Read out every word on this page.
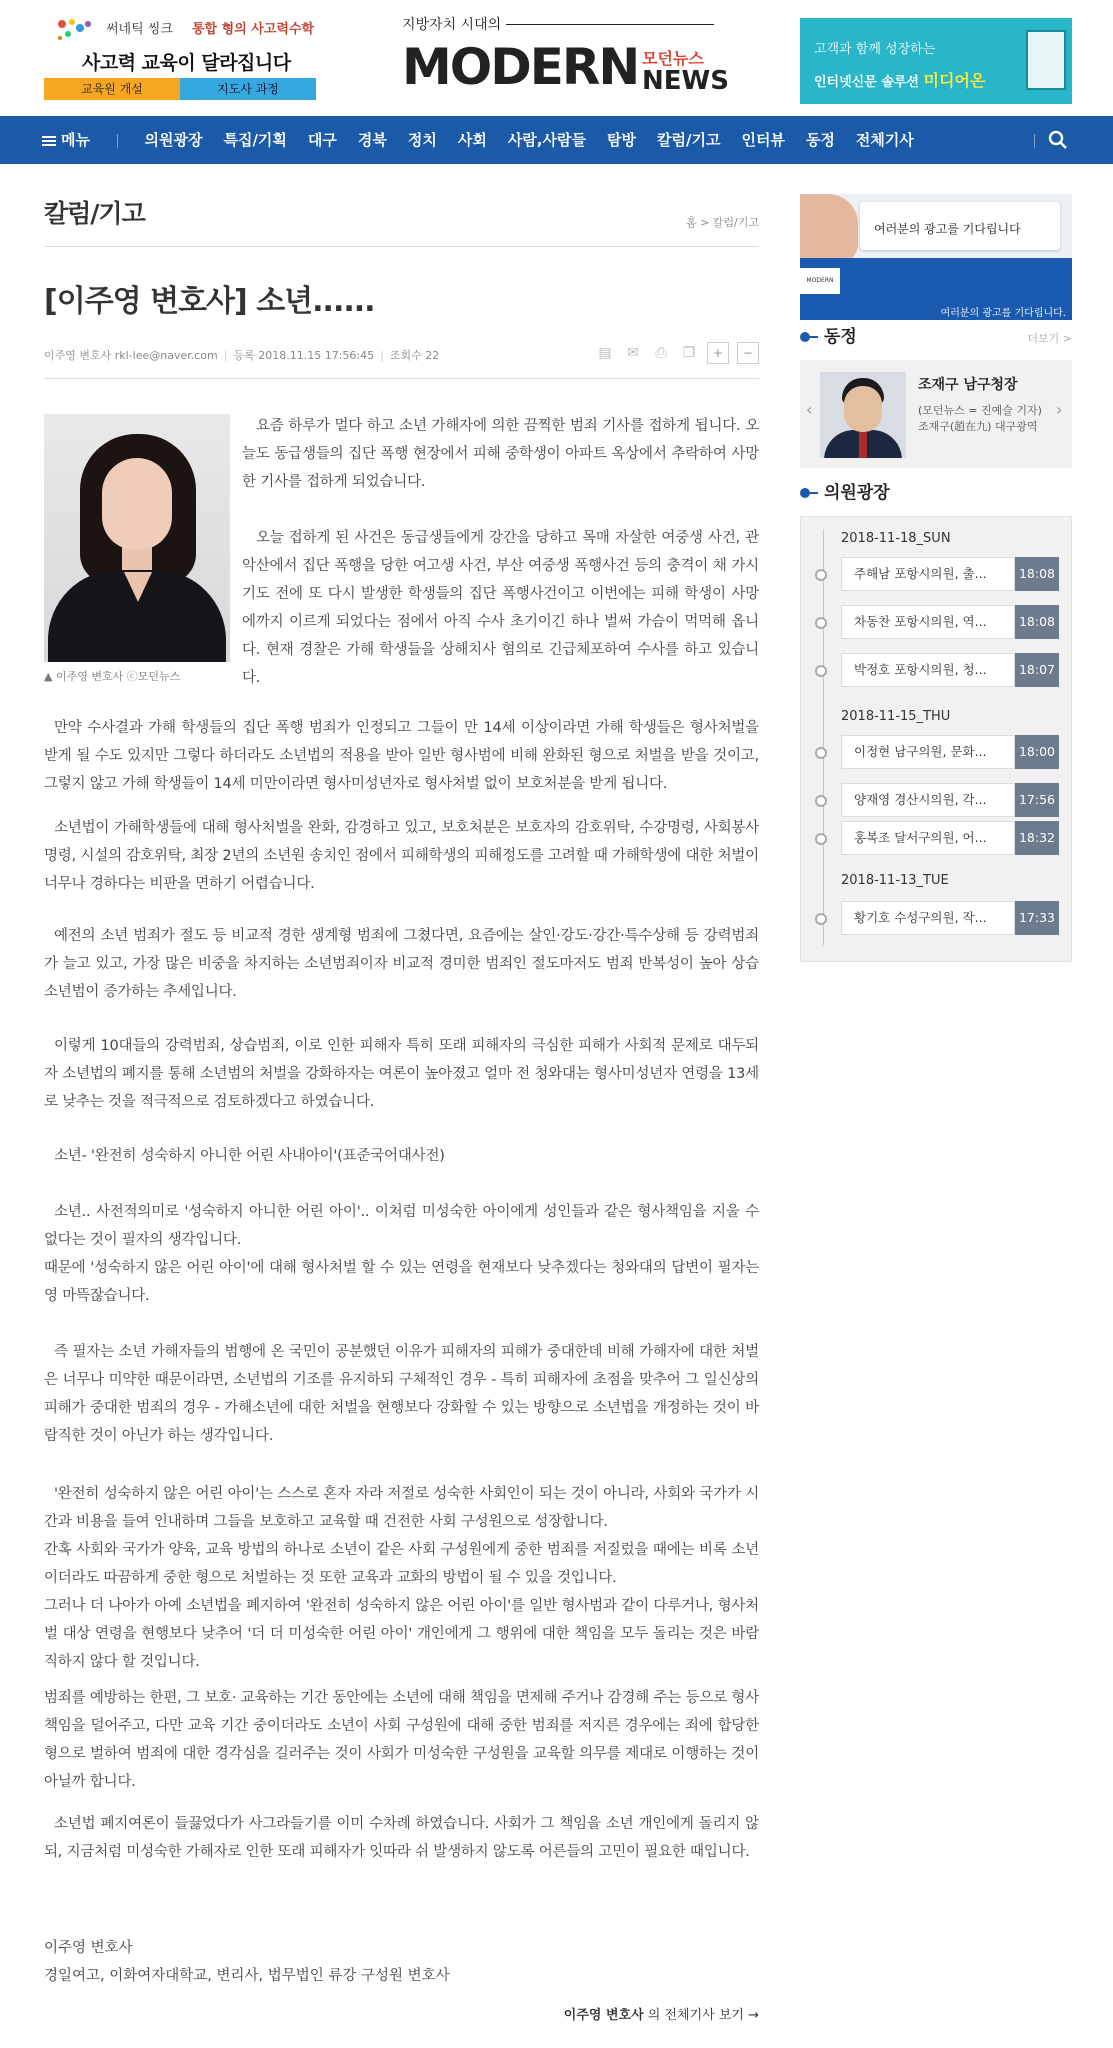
써네틱 씽크 통합 형의 사고력수학
사고력 교육이 달라집니다
교육원 개설	지도사 과정
지방자치 시대의
MODERN 모던뉴스
NEWS
고객과 함께 성장하는
인터넷신문 솔루션 미디어온
메뉴	의원광장	특집/기획	대구	경북	정치	사회	사람,사람들	탐방	칼럼/기고	인터뷰	동정	전체기사
칼럼/기고	홈 > 칼럼/기고
[이주영 변호사] 소년......
이주영 변호사 rkl-lee@naver.com | 등록 2018.11.15 17:56:45 | 조회수 22	▤ ✉	⎙	❐	+	−
▲ 이주영 변호사 ⓒ모던뉴스

요즘 하루가 멀다 하고 소년 가해자에 의한 끔찍한 범죄 기사를 접하게 됩니다. 오늘도 동급생들의 집단 폭행 현장에서 피해 중학생이 아파트 옥상에서 추락하여 사망한 기사를 접하게 되었습니다.

오늘 접하게 된 사건은 동급생들에게 강간을 당하고 목매 자살한 여중생 사건, 관악산에서 집단 폭행을 당한 여고생 사건, 부산 여중생 폭행사건 등의 충격이 채 가시기도 전에 또 다시 발생한 학생들의 집단 폭행사건이고 이번에는 피해 학생이 사망에까지 이르게 되었다는 점에서 아직 수사 초기이긴 하나 벌써 가슴이 먹먹해 옵니다. 현재 경찰은 가해 학생들을 상해치사 혐의로 긴급체포하여 수사를 하고 있습니다.

만약 수사결과 가해 학생들의 집단 폭행 범죄가 인정되고 그들이 만 14세 이상이라면 가해 학생들은 형사처벌을 받게 될 수도 있지만 그렇다 하더라도 소년법의 적용을 받아 일반 형사범에 비해 완화된 형으로 처벌을 받을 것이고, 그렇지 않고 가해 학생들이 14세 미만이라면 형사미성년자로 형사처벌 없이 보호처분을 받게 됩니다.

소년법이 가해학생들에 대해 형사처벌을 완화, 감경하고 있고, 보호처분은 보호자의 감호위탁, 수강명령, 사회봉사명령, 시설의 감호위탁, 최장 2년의 소년원 송치인 점에서 피해학생의 피해정도를 고려할 때 가해학생에 대한 처벌이 너무나 경하다는 비판을 면하기 어렵습니다.

예전의 소년 범죄가 절도 등 비교적 경한 생계형 범죄에 그쳤다면, 요즘에는 살인·강도·강간·특수상해 등 강력범죄가 늘고 있고, 가장 많은 비중을 차지하는 소년범죄이자 비교적 경미한 범죄인 절도마저도 범죄 반복성이 높아 상습소년범이 증가하는 추세입니다.

이렇게 10대들의 강력범죄, 상습범죄, 이로 인한 피해자 특히 또래 피해자의 극심한 피해가 사회적 문제로 대두되자 소년법의 폐지를 통해 소년범의 처벌을 강화하자는 여론이 높아졌고 얼마 전 청와대는 형사미성년자 연령을 13세로 낮추는 것을 적극적으로 검토하겠다고 하였습니다.

소년- '완전히 성숙하지 아니한 어린 사내아이'(표준국어대사전)

소년.. 사전적의미로 '성숙하지 아니한 어린 아이'.. 이처럼 미성숙한 아이에게 성인들과 같은 형사책임을 지울 수 없다는 것이 필자의 생각입니다.

때문에 '성숙하지 않은 어린 아이'에 대해 형사처벌 할 수 있는 연령을 현재보다 낮추겠다는 청와대의 답변이 필자는 영 마뜩잖습니다.

즉 필자는 소년 가해자들의 범행에 온 국민이 공분했던 이유가 피해자의 피해가 중대한데 비해 가해자에 대한 처벌은 너무나 미약한 때문이라면, 소년법의 기조를 유지하되 구체적인 경우 - 특히 피해자에 초점을 맞추어 그 일신상의 피해가 중대한 범죄의 경우 - 가해소년에 대한 처벌을 현행보다 강화할 수 있는 방향으로 소년법을 개정하는 것이 바람직한 것이 아닌가 하는 생각입니다.

'완전히 성숙하지 않은 어린 아이'는 스스로 혼자 자라 저절로 성숙한 사회인이 되는 것이 아니라, 사회와 국가가 시간과 비용을 들여 인내하며 그들을 보호하고 교육할 때 건전한 사회 구성원으로 성장합니다.

간혹 사회와 국가가 양육, 교육 방법의 하나로 소년이 같은 사회 구성원에게 중한 범죄를 저질렀을 때에는 비록 소년이더라도 따끔하게 중한 형으로 처벌하는 것 또한 교육과 교화의 방법이 될 수 있을 것입니다.

그러나 더 나아가 아예 소년법을 폐지하여 '완전히 성숙하지 않은 어린 아이'를 일반 형사범과 같이 다루거나, 형사처벌 대상 연령을 현행보다 낮추어 '더 더 미성숙한 어린 아이' 개인에게 그 행위에 대한 책임을 모두 돌리는 것은 바람직하지 않다 할 것입니다.

범죄를 예방하는 한편, 그 보호· 교육하는 기간 동안에는 소년에 대해 책임을 면제해 주거나 감경해 주는 등으로 형사 책임을 덜어주고, 다만 교육 기간 중이더라도 소년이 사회 구성원에 대해 중한 범죄를 저지른 경우에는 죄에 합당한 형으로 벌하여 범죄에 대한 경각심을 길러주는 것이 사회가 미성숙한 구성원을 교육할 의무를 제대로 이행하는 것이 아닐까 합니다.

소년법 폐지여론이 들끓었다가 사그라들기를 이미 수차례 하였습니다. 사회가 그 책임을 소년 개인에게 돌리지 않되, 지금처럼 미성숙한 가해자로 인한 또래 피해자가 잇따라 쉬 발생하지 않도록 어른들의 고민이 필요한 때입니다.

이주영 변호사
경일여고, 이화여자대학교, 변리사, 법무법인 류강 구성원 변호사
이주영 변호사 의 전체기사 보기 →
여러분의 광고를 기다립니다
MODERN
여러분의 광고를 기다립니다.
동정	더보기 >
‹
조재구 남구청장
(모던뉴스 = 진예슬 기자)
조재구(趙在九) 대구광역
›
의원광장
2018-11-18_SUN
주해남 포항시의원, 출...	18:08
차동찬 포항시의원, 역...	18:08
박정호 포항시의원, 청...	18:07
2018-11-15_THU
이정현 남구의원, 문화...	18:00
양재영 경산시의원, 각...	17:56
홍복조 달서구의원, 어...	18:32
2018-11-13_TUE
황기호 수성구의원, 작...	17:33
